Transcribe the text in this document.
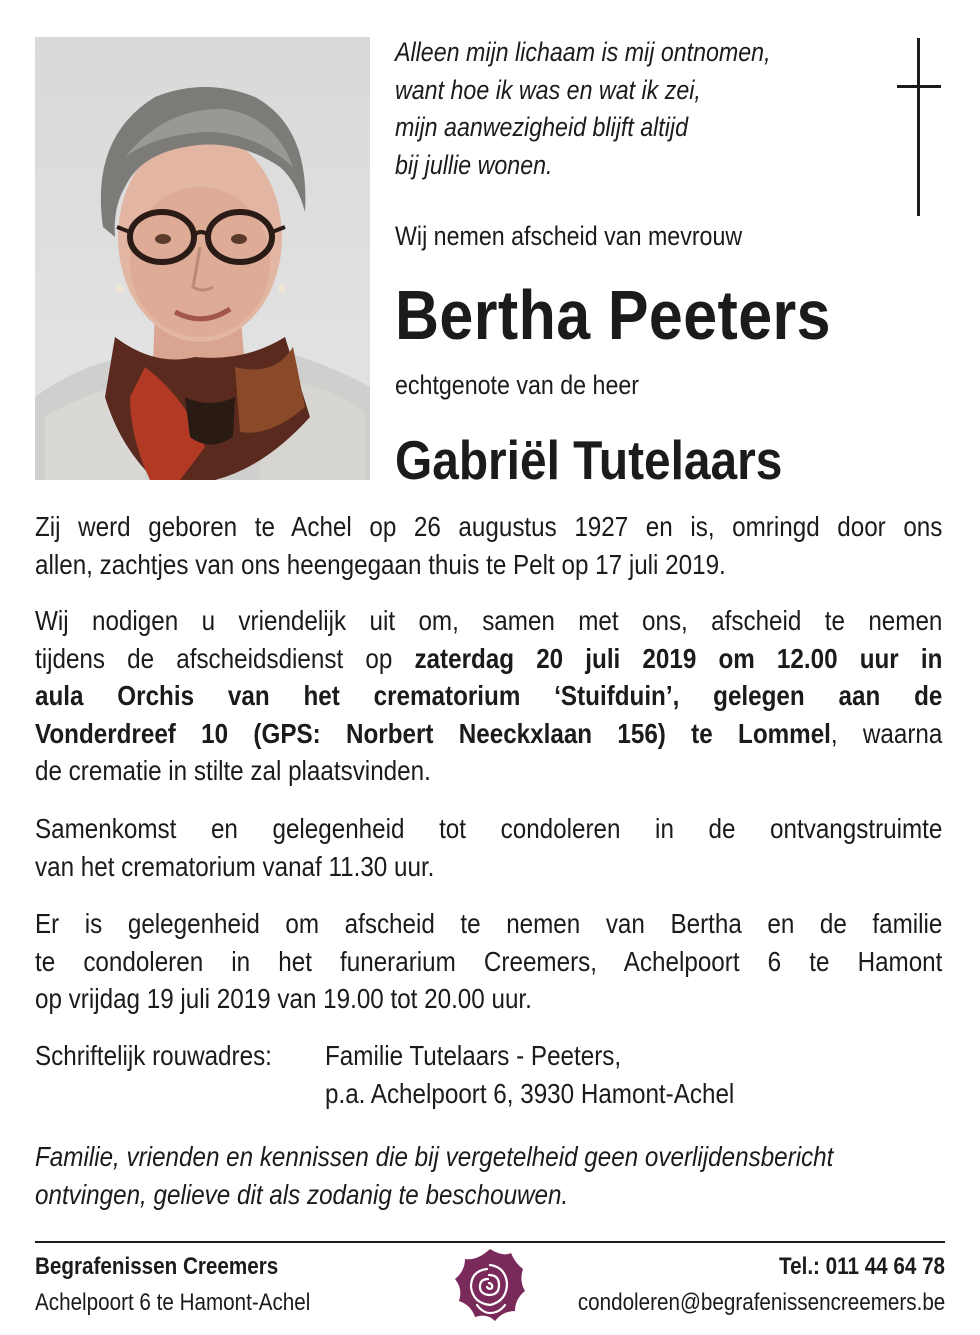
Alleen mijn lichaam is mij ontnomen,
want hoe ik was en wat ik zei,
mijn aanwezigheid blijft altijd
bij jullie wonen.
Wij nemen afscheid van mevrouw
Bertha Peeters
echtgenote van de heer
Gabriël Tutelaars
Zij werd geboren te Achel op 26 augustus 1927 en is, omringd door ons
allen, zachtjes van ons heengegaan thuis te Pelt op 17 juli 2019.
Wij nodigen u vriendelijk uit om, samen met ons, afscheid te nemen
tijdens de afscheidsdienst op zaterdag 20 juli 2019 om 12.00 uur in
aula Orchis van het crematorium ‘Stuifduin’, gelegen aan de
Vonderdreef 10 (GPS: Norbert Neeckxlaan 156) te Lommel, waarna
de crematie in stilte zal plaatsvinden.
Samenkomst en gelegenheid tot condoleren in de ontvangstruimte
van het crematorium vanaf 11.30 uur.
Er is gelegenheid om afscheid te nemen van Bertha en de familie
te condoleren in het funerarium Creemers, Achelpoort 6 te Hamont
op vrijdag 19 juli 2019 van 19.00 tot 20.00 uur.
Schriftelijk rouwadres: Familie Tutelaars - Peeters,
p.a. Achelpoort 6, 3930 Hamont-Achel
Familie, vrienden en kennissen die bij vergetelheid geen overlijdensbericht
ontvingen, gelieve dit als zodanig te beschouwen.
Begrafenissen Creemers
Achelpoort 6 te Hamont-Achel
Tel.: 011 44 64 78
condoleren@begrafenissencreemers.be
